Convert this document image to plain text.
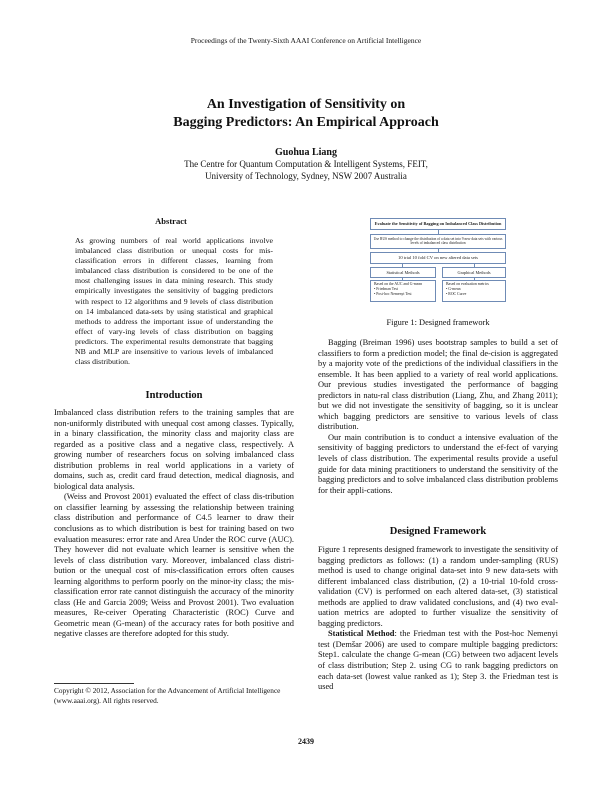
Proceedings of the Twenty-Sixth AAAI Conference on Artificial Intelligence
An Investigation of Sensitivity on
Bagging Predictors: An Empirical Approach
Guohua Liang
The Centre for Quantum Computation & Intelligent Systems, FEIT,
University of Technology, Sydney, NSW 2007 Australia
Abstract
As growing numbers of real world applications involve imbalanced class distribution or unequal costs for mis-classification errors in different classes, learning from imbalanced class distribution is considered to be one of the most challenging issues in data mining research. This study empirically investigates the sensitivity of bagging predictors with respect to 12 algorithms and 9 levels of class distribution on 14 imbalanced data-sets by using statistical and graphical methods to address the important issue of understanding the effect of vary-ing levels of class distribution on bagging predictors. The experimental results demonstrate that bagging NB and MLP are insensitive to various levels of imbalanced class distribution.
Introduction

Imbalanced class distribution refers to the training samples that are non-uniformly distributed with unequal cost among classes. Typically, in a binary classification, the minority class and majority class are regarded as a positive class and a negative class, respectively. A growing number of researchers focus on solving imbalanced class distribution problems in real world applications in a variety of domains, such as, credit card fraud detection, medical diagnosis, and biological data analysis.

(Weiss and Provost 2001) evaluated the effect of class dis-tribution on classifier learning by assessing the relationship between training class distribution and performance of C4.5 learner to draw their conclusions as to which distribution is best for training based on two evaluation measures: error rate and Area Under the ROC curve (AUC). They however did not evaluate which learner is sensitive when the levels of class distribution vary. Moreover, imbalanced class distri-bution or the unequal cost of mis-classification errors often causes learning algorithms to perform poorly on the minor-ity class; the mis-classification error rate cannot distinguish the accuracy of the minority class (He and Garcia 2009; Weiss and Provost 2001). Two evaluation measures, Re-ceiver Operating Characteristic (ROC) Curve and Geometric mean (G-mean) of the accuracy rates for both positive and negative classes are therefore adopted for this study.

Copyright © 2012, Association for the Advancement of Artificial Intelligence (www.aaai.org). All rights reserved.
Evaluate the Sensitivity of Bagging on Imbalanced Class Distribution
Use RUS method to change the distribution of a data set into 9 new data sets with various levels of imbalanced class distribution
10 trial 10 fold CV on new altered data sets
Statistical Methods	Graphical Methods
Based on the AUC and G-mean
• Friedman Test
• Post-hoc Nemenyi Test
Based on evaluation metrics
• G-mean
• ROC Curve
Figure 1: Designed framework

Bagging (Breiman 1996) uses bootstrap samples to build a set of classifiers to form a prediction model; the final de-cision is aggregated by a majority vote of the predictions of the individual classifiers in the ensemble. It has been applied to a variety of real world applications. Our previous studies investigated the performance of bagging predictors in natu-ral class distribution (Liang, Zhu, and Zhang 2011); but we did not investigate the sensitivity of bagging, so it is unclear which bagging predictors are sensitive to various levels of class distribution.

Our main contribution is to conduct a intensive evaluation of the sensitivity of bagging predictors to understand the ef-fect of varying levels of class distribution. The experimental results provide a useful guide for data mining practitioners to understand the sensitivity of the bagging predictors and to solve imbalanced class distribution problems for their appli-cations.

Designed Framework

Figure 1 represents designed framework to investigate the sensitivity of bagging predictors as follows: (1) a random under-sampling (RUS) method is used to change original data-set into 9 new data-sets with different imbalanced class distribution, (2) a 10-trial 10-fold cross-validation (CV) is performed on each altered data-set, (3) statistical methods are applied to draw validated conclusions, and (4) two eval-uation metrics are adopted to further visualize the sensitivity of bagging predictors.

Statistical Method: the Friedman test with the Post-hoc Nemenyi test (Demšar 2006) are used to compare multiple bagging predictors: Step1. calculate the change G-mean (CG) between two adjacent levels of class distribution; Step 2. using CG to rank bagging predictors on each data-set (lowest value ranked as 1); Step 3. the Friedman test is used

2439
